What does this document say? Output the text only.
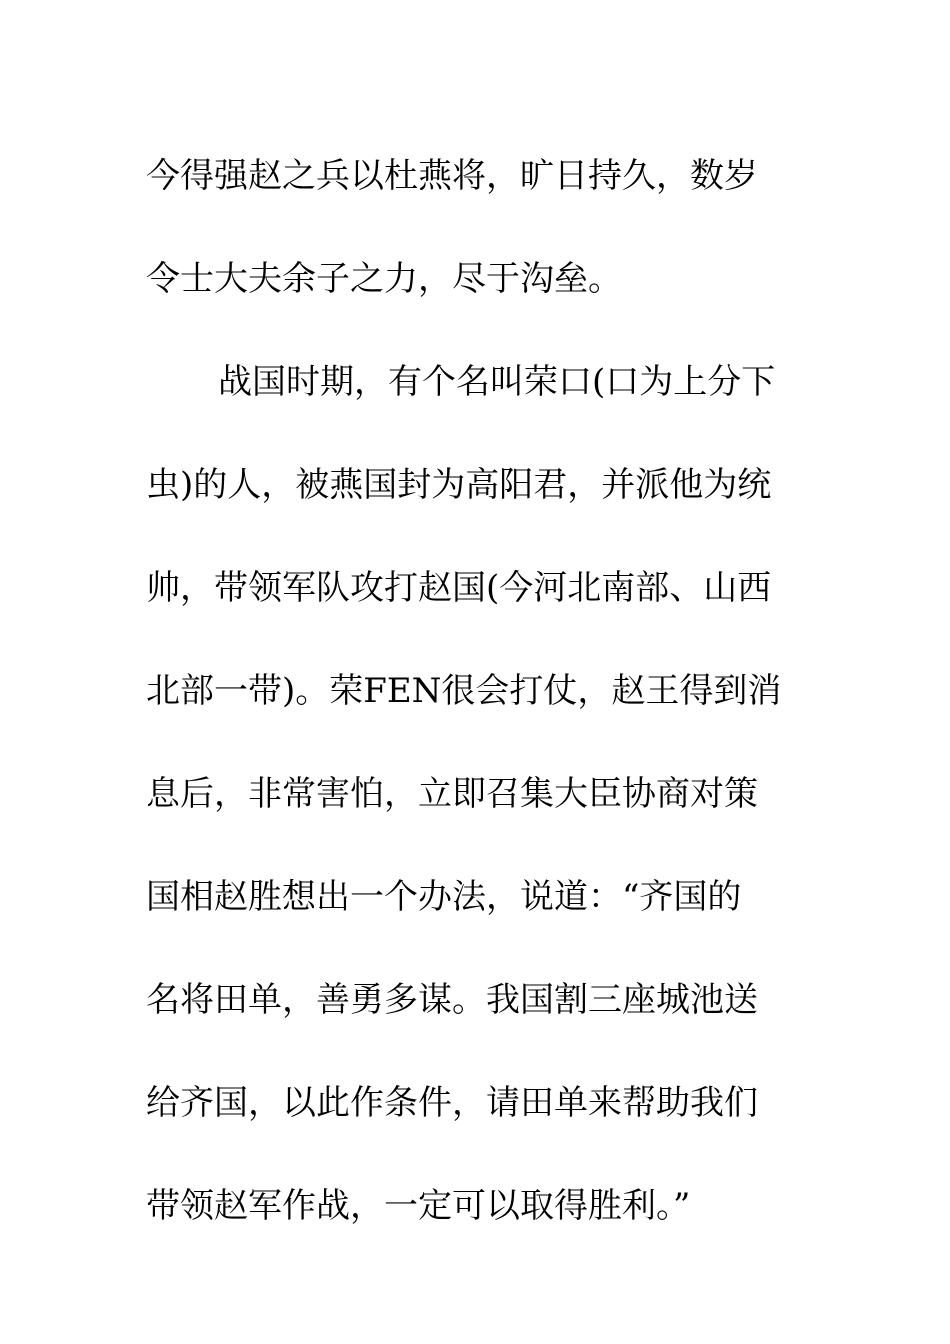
今得强赵之兵以杜燕将，旷日持久，数岁
令士大夫余子之力，尽于沟垒。
战国时期，有个名叫荣口(口为上分下
虫)的人，被燕国封为高阳君，并派他为统
帅，带领军队攻打赵国(今河北南部、山西
北部一带)。荣FEN很会打仗，赵王得到消
息后，非常害怕，立即召集大臣协商对策
国相赵胜想出一个办法，说道：“齐国的
名将田单，善勇多谋。我国割三座城池送
给齐国，以此作条件，请田单来帮助我们
带领赵军作战，一定可以取得胜利。”
